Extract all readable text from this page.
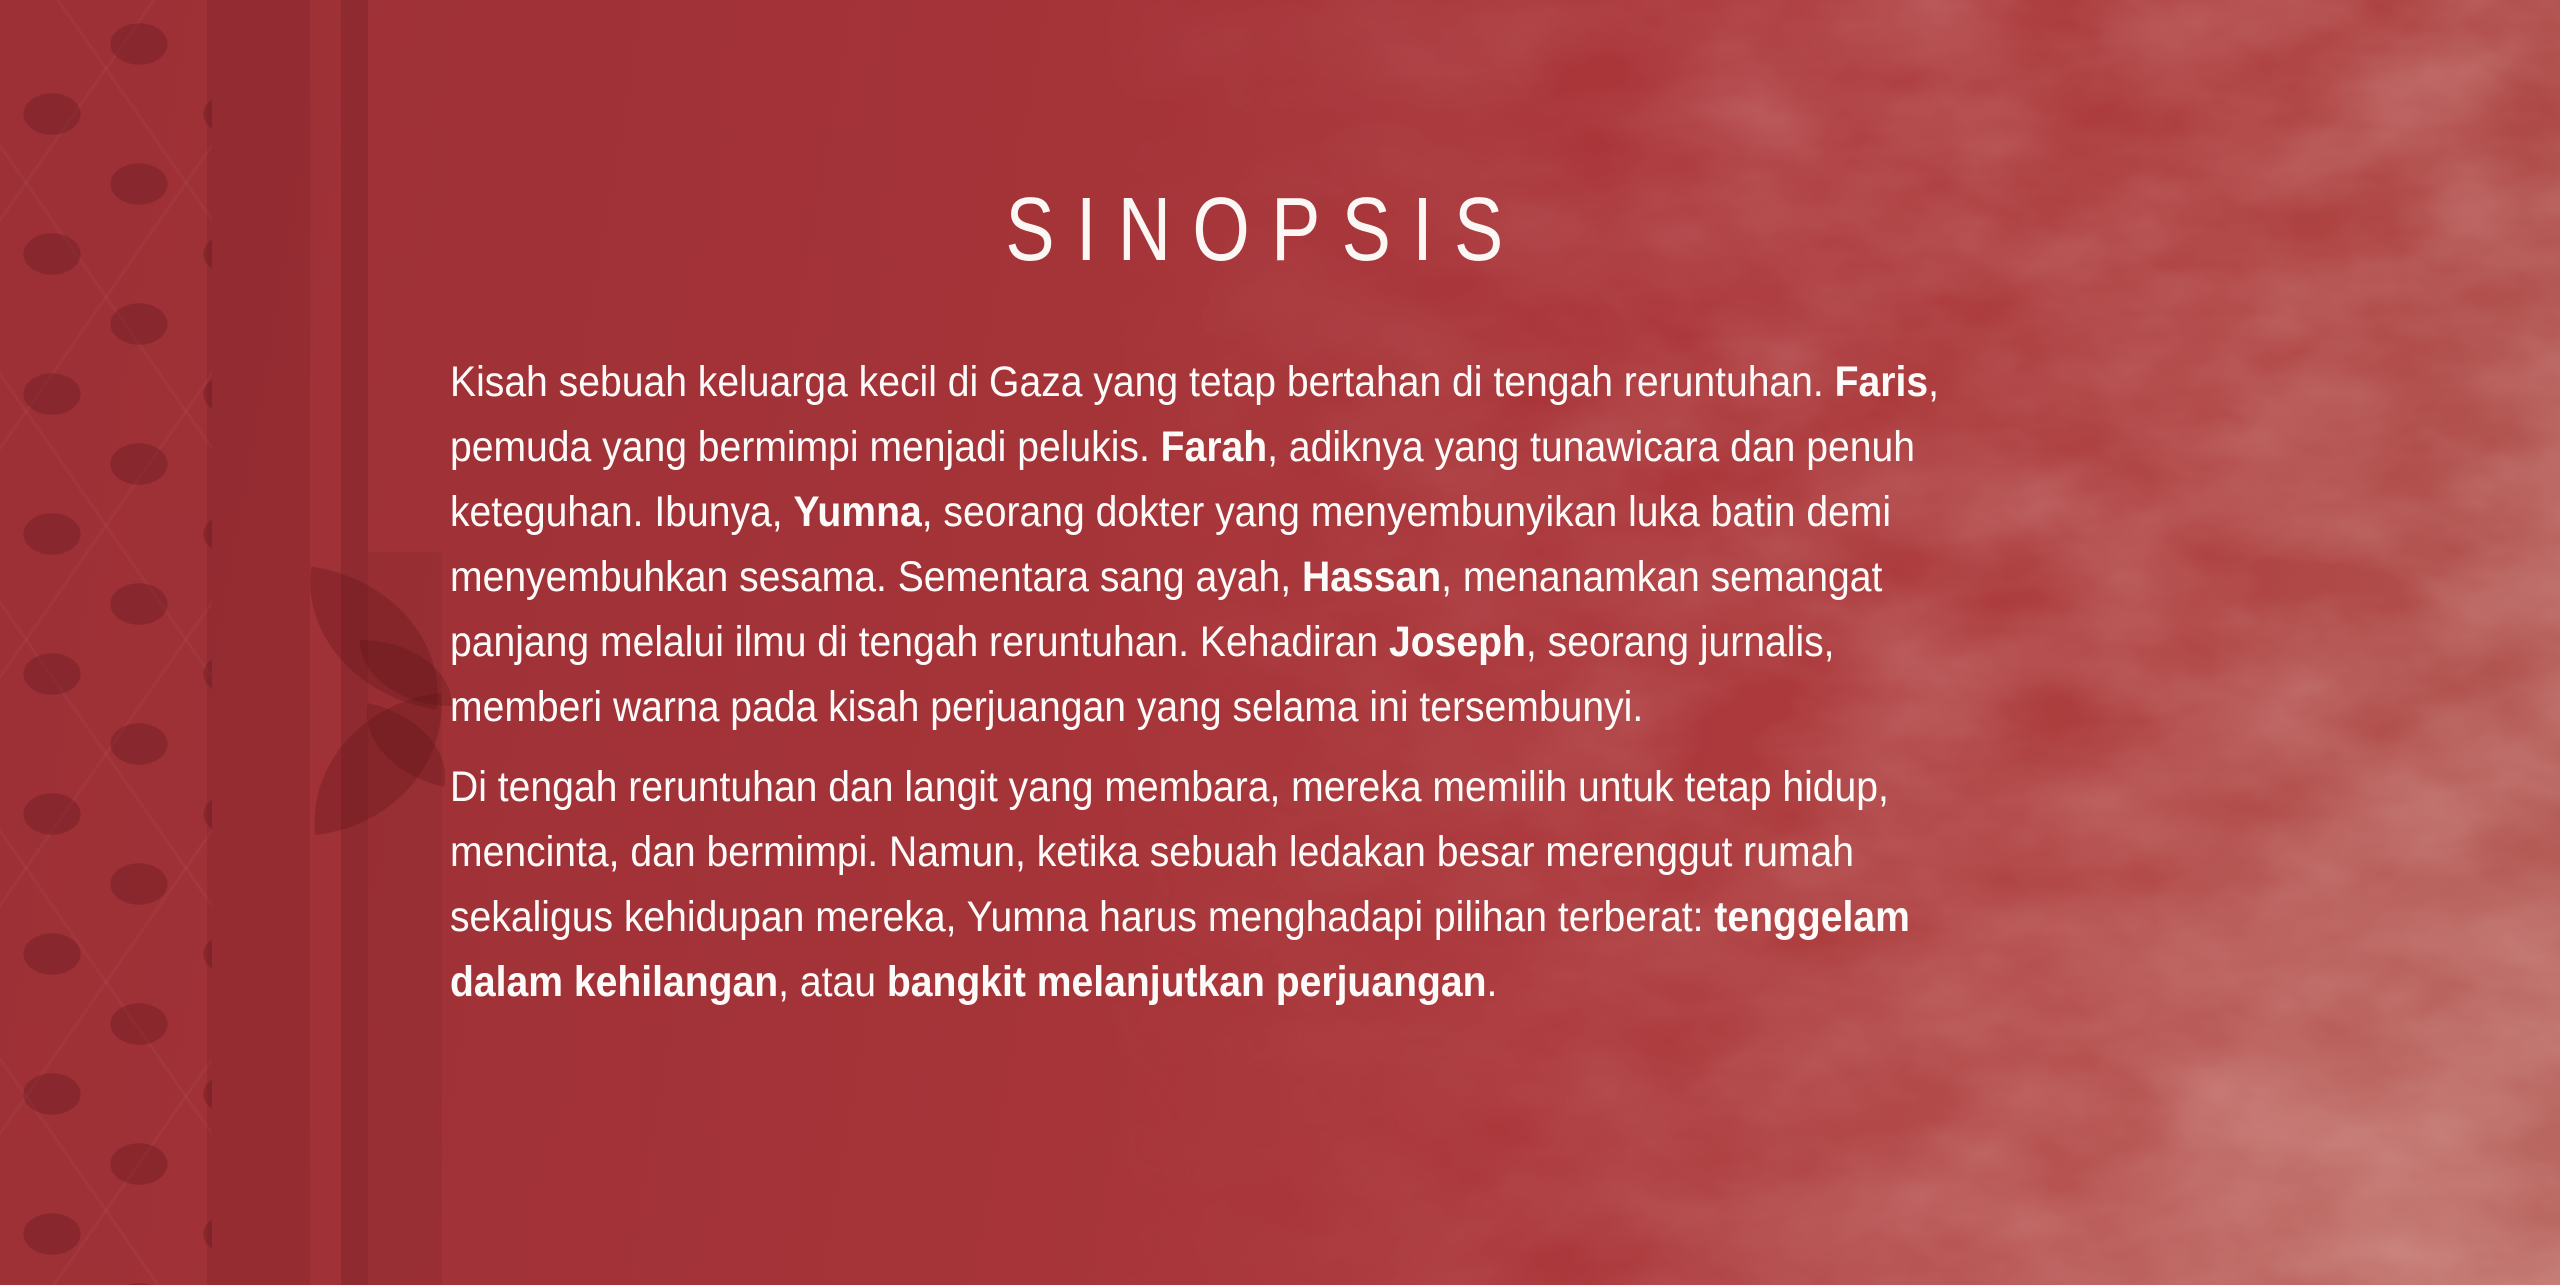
SINOPSIS
Kisah sebuah keluarga kecil di Gaza yang tetap bertahan di tengah reruntuhan. Faris,
pemuda yang bermimpi menjadi pelukis. Farah, adiknya yang tunawicara dan penuh
keteguhan. Ibunya, Yumna, seorang dokter yang menyembunyikan luka batin demi
menyembuhkan sesama. Sementara sang ayah, Hassan, menanamkan semangat
panjang melalui ilmu di tengah reruntuhan. Kehadiran Joseph, seorang jurnalis,
memberi warna pada kisah perjuangan yang selama ini tersembunyi.
Di tengah reruntuhan dan langit yang membara, mereka memilih untuk tetap hidup,
mencinta, dan bermimpi. Namun, ketika sebuah ledakan besar merenggut rumah
sekaligus kehidupan mereka, Yumna harus menghadapi pilihan terberat: tenggelam
dalam kehilangan, atau bangkit melanjutkan perjuangan.
